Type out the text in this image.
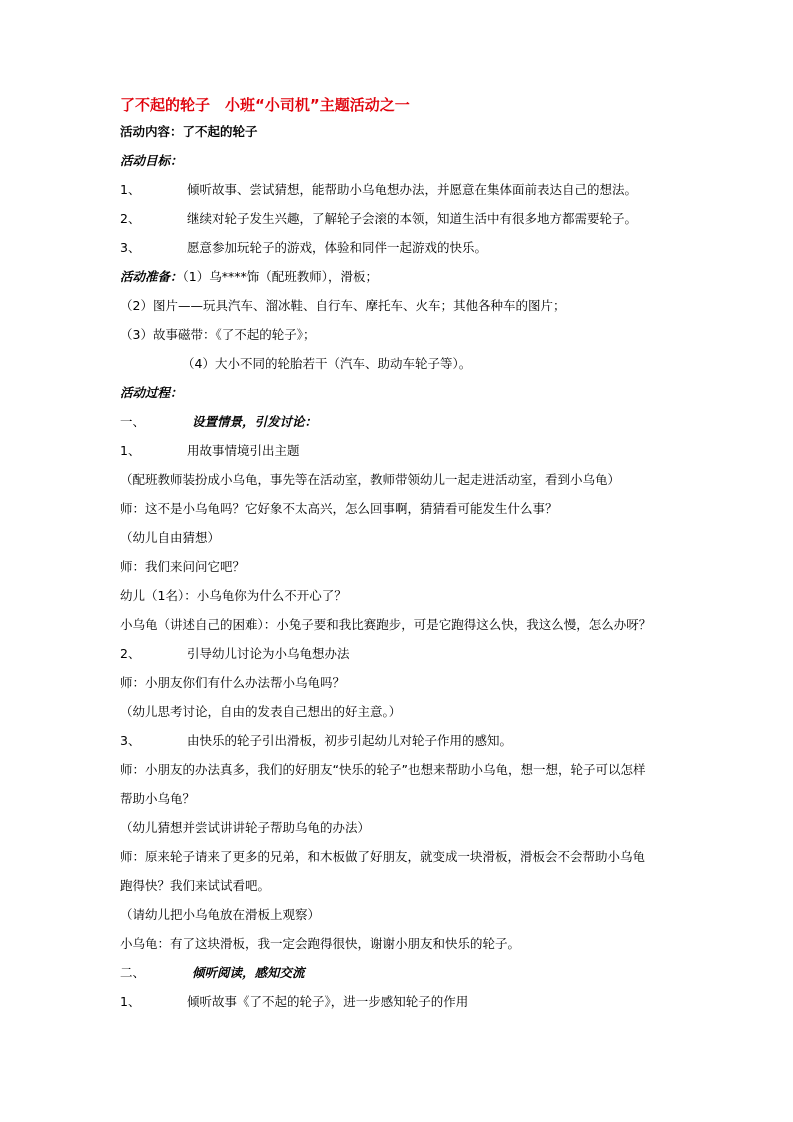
了不起的轮子　小班“小司机”主题活动之一
活动内容：了不起的轮子
活动目标：
1、	倾听故事、尝试猜想，能帮助小乌龟想办法，并愿意在集体面前表达自己的想法。
2、	继续对轮子发生兴趣，了解轮子会滚的本领，知道生活中有很多地方都需要轮子。
3、	愿意参加玩轮子的游戏，体验和同伴一起游戏的快乐。
活动准备：（1）乌****饰（配班教师），滑板；
（2）图片——玩具汽车、溜冰鞋、自行车、摩托车、火车；其他各种车的图片；
（3）故事磁带：《了不起的轮子》；
（4）大小不同的轮胎若干（汽车、助动车轮子等）。
活动过程：
一、	设置情景，引发讨论：
1、	用故事情境引出主题
（配班教师装扮成小乌龟，事先等在活动室，教师带领幼儿一起走进活动室，看到小乌龟）
师：这不是小乌龟吗？它好象不太高兴，怎么回事啊，猜猜看可能发生什么事？
（幼儿自由猜想）
师：我们来问问它吧？
幼儿（1名）：小乌龟你为什么不开心了？
小乌龟（讲述自己的困难）：小兔子要和我比赛跑步，可是它跑得这么快，我这么慢，怎么办呀？
2、	引导幼儿讨论为小乌龟想办法
师：小朋友你们有什么办法帮小乌龟吗？
（幼儿思考讨论，自由的发表自己想出的好主意。）
3、	由快乐的轮子引出滑板，初步引起幼儿对轮子作用的感知。
师：小朋友的办法真多，我们的好朋友“快乐的轮子”也想来帮助小乌龟，想一想，轮子可以怎样
帮助小乌龟？
（幼儿猜想并尝试讲讲轮子帮助乌龟的办法）
师：原来轮子请来了更多的兄弟，和木板做了好朋友，就变成一块滑板，滑板会不会帮助小乌龟
跑得快？我们来试试看吧。
（请幼儿把小乌龟放在滑板上观察）
小乌龟：有了这块滑板，我一定会跑得很快，谢谢小朋友和快乐的轮子。
二、	倾听阅读，感知交流
1、	倾听故事《了不起的轮子》，进一步感知轮子的作用
